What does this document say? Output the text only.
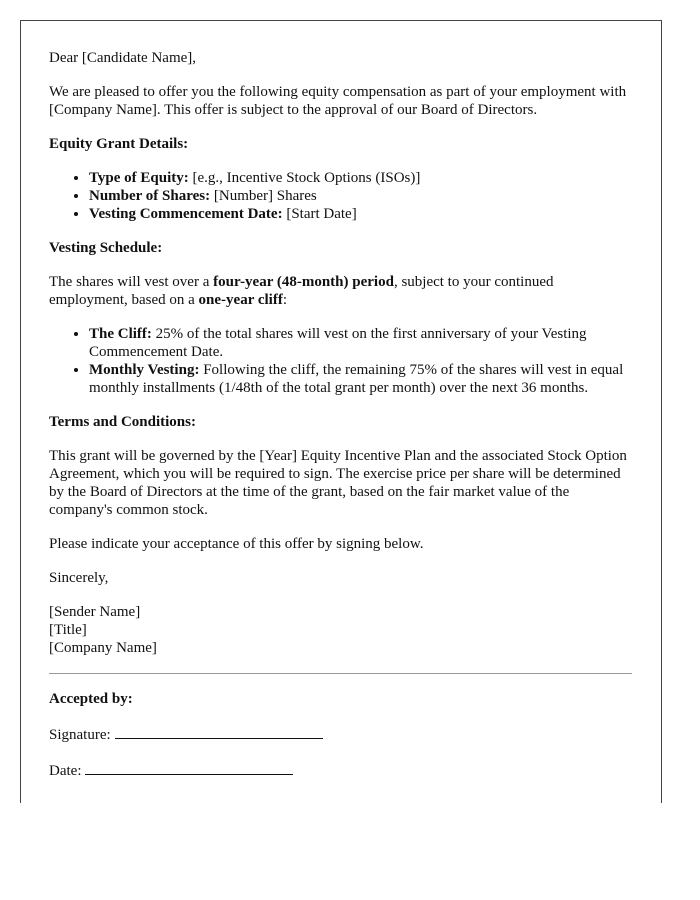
Dear [Candidate Name],

We are pleased to offer you the following equity compensation as part of your employment with [Company Name]. This offer is subject to the approval of our Board of Directors.

Equity Grant Details:

• Type of Equity: [e.g., Incentive Stock Options (ISOs)]
• Number of Shares: [Number] Shares
• Vesting Commencement Date: [Start Date]

Vesting Schedule:

The shares will vest over a four-year (48-month) period, subject to your continued employment, based on a one-year cliff:

• The Cliff: 25% of the total shares will vest on the first anniversary of your Vesting Commencement Date.
• Monthly Vesting: Following the cliff, the remaining 75% of the shares will vest in equal monthly installments (1/48th of the total grant per month) over the next 36 months.

Terms and Conditions:

This grant will be governed by the [Year] Equity Incentive Plan and the associated Stock Option Agreement, which you will be required to sign. The exercise price per share will be determined by the Board of Directors at the time of the grant, based on the fair market value of the company's common stock.

Please indicate your acceptance of this offer by signing below.

Sincerely,

[Sender Name]
[Title]
[Company Name]

Accepted by:

Signature:

Date:
